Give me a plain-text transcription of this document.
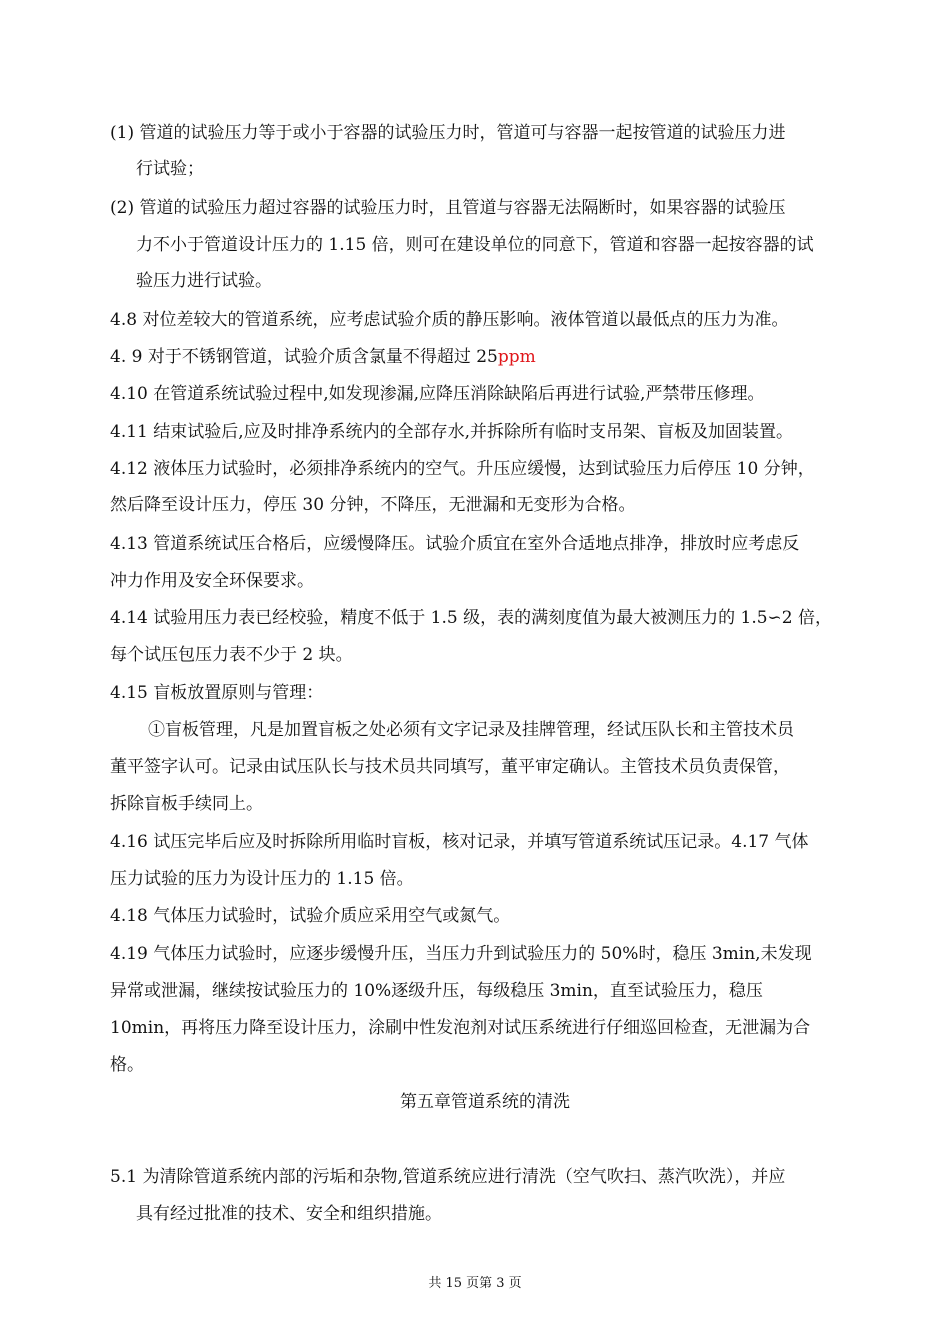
(1) 管道的试验压力等于或小于容器的试验压力时，管道可与容器一起按管道的试验压力进
行试验；
(2) 管道的试验压力超过容器的试验压力时，且管道与容器无法隔断时，如果容器的试验压
力不小于管道设计压力的 1.15 倍，则可在建设单位的同意下，管道和容器一起按容器的试
验压力进行试验。
4.8 对位差较大的管道系统，应考虑试验介质的静压影响。液体管道以最低点的压力为准。
4. 9 对于不锈钢管道，试验介质含氯量不得超过 25ppm
4.10 在管道系统试验过程中,如发现渗漏,应降压消除缺陷后再进行试验,严禁带压修理。
4.11 结束试验后,应及时排净系统内的全部存水,并拆除所有临时支吊架、盲板及加固装置。
4.12 液体压力试验时，必须排净系统内的空气。升压应缓慢，达到试验压力后停压 10 分钟，
然后降至设计压力，停压 30 分钟，不降压，无泄漏和无变形为合格。
4.13 管道系统试压合格后，应缓慢降压。试验介质宜在室外合适地点排净，排放时应考虑反
冲力作用及安全环保要求。
4.14 试验用压力表已经校验，精度不低于 1.5 级，表的满刻度值为最大被测压力的 1.5∽2 倍，
每个试压包压力表不少于 2 块。
4.15 盲板放置原则与管理：
①盲板管理，凡是加置盲板之处必须有文字记录及挂牌管理，经试压队长和主管技术员
董平签字认可。记录由试压队长与技术员共同填写，董平审定确认。主管技术员负责保管，
拆除盲板手续同上。
4.16 试压完毕后应及时拆除所用临时盲板，核对记录，并填写管道系统试压记录。4.17 气体
压力试验的压力为设计压力的 1.15 倍。
4.18 气体压力试验时，试验介质应采用空气或氮气。
4.19 气体压力试验时，应逐步缓慢升压，当压力升到试验压力的 50%时，稳压 3min,未发现
异常或泄漏，继续按试验压力的 10%逐级升压，每级稳压 3min，直至试验压力，稳压
10min，再将压力降至设计压力，涂刷中性发泡剂对试压系统进行仔细巡回检查，无泄漏为合
格。
第五章管道系统的清洗
5.1 为清除管道系统内部的污垢和杂物,管道系统应进行清洗（空气吹扫、蒸汽吹洗），并应
具有经过批准的技术、安全和组织措施。
共 15 页第 3 页
